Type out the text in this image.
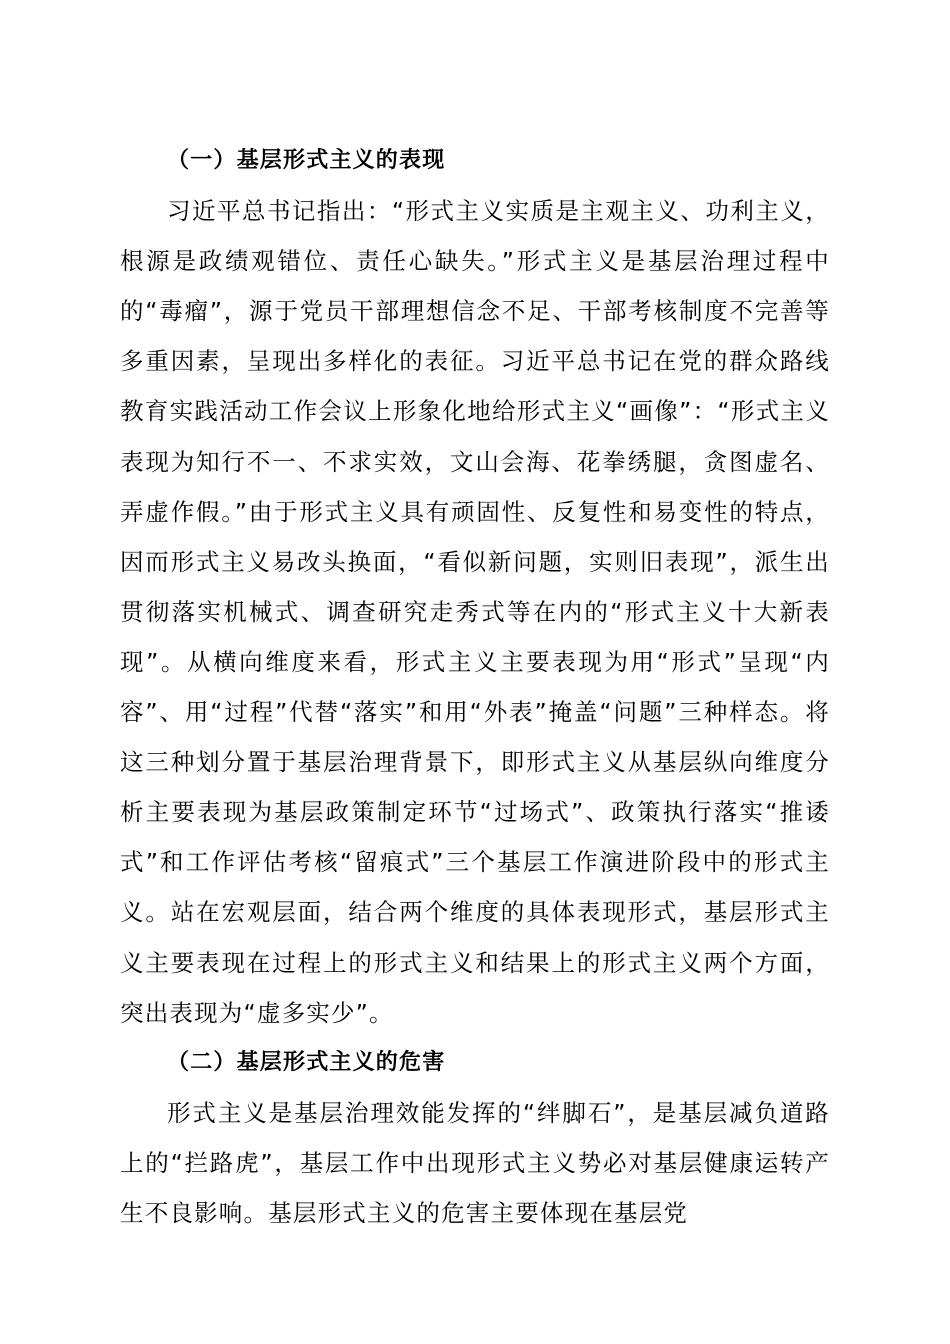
（一）基层形式主义的表现

习近平总书记指出：“形式主义实质是主观主义、功利主义，根源是政绩观错位、责任心缺失。”形式主义是基层治理过程中的“毒瘤”，源于党员干部理想信念不足、干部考核制度不完善等多重因素，呈现出多样化的表征。习近平总书记在党的群众路线教育实践活动工作会议上形象化地给形式主义“画像”：“形式主义表现为知行不一、不求实效，文山会海、花拳绣腿，贪图虚名、弄虚作假。”由于形式主义具有顽固性、反复性和易变性的特点，因而形式主义易改头换面，“看似新问题，实则旧表现”，派生出贯彻落实机械式、调查研究走秀式等在内的“形式主义十大新表现”。从横向维度来看，形式主义主要表现为用“形式”呈现“内容”、用“过程”代替“落实”和用“外表”掩盖“问题”三种样态。将这三种划分置于基层治理背景下，即形式主义从基层纵向维度分析主要表现为基层政策制定环节“过场式”、政策执行落实“推诿式”和工作评估考核“留痕式”三个基层工作演进阶段中的形式主义。站在宏观层面，结合两个维度的具体表现形式，基层形式主义主要表现在过程上的形式主义和结果上的形式主义两个方面，突出表现为“虚多实少”。

（二）基层形式主义的危害

形式主义是基层治理效能发挥的“绊脚石”，是基层减负道路上的“拦路虎”，基层工作中出现形式主义势必对基层健康运转产生不良影响。基层形式主义的危害主要体现在基层党
